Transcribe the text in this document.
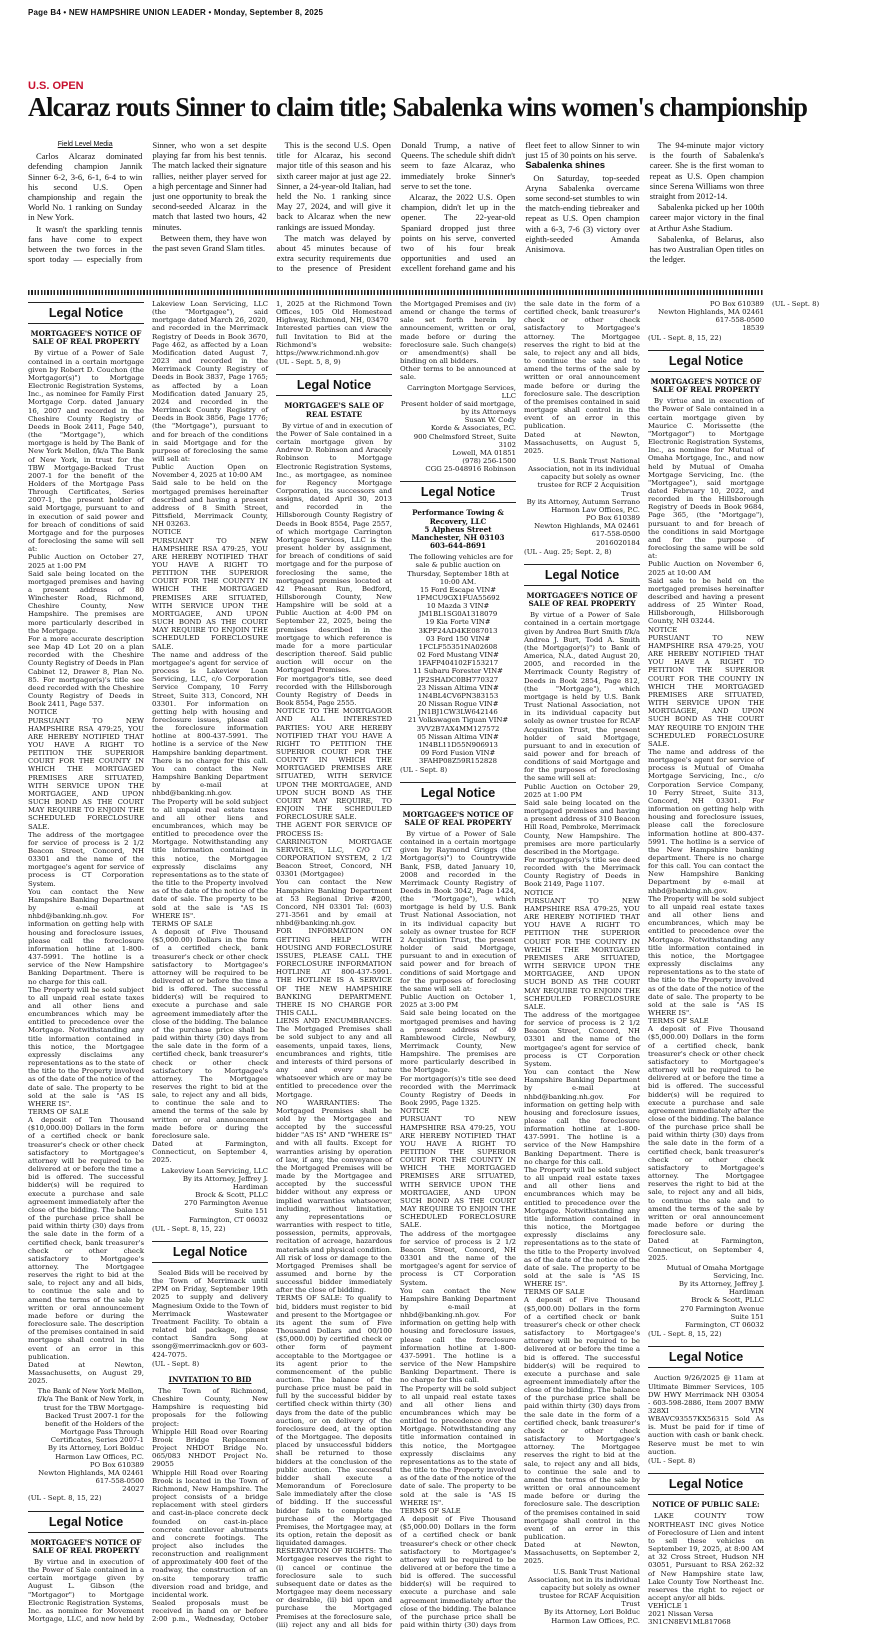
Page B4 • NEW HAMPSHIRE UNION LEADER • Monday, September 8, 2025
U.S. OPEN
Alcaraz routs Sinner to claim title; Sabalenka wins women's championship

Field Level Media

Carlos Alcaraz dominated defending champion Jannik Sinner 6-2, 3-6, 6-1, 6-4 to win his second U.S. Open championship and regain the World No. 1 ranking on Sunday in New York.

It wasn't the sparkling tennis fans have come to expect between the two forces in the sport today — especially from Sinner, who won a set despite playing far from his best tennis. The match lacked their signature rallies, neither player served for a high percentage and Sinner had just one opportunity to break the second-seeded Alcaraz in the match that lasted two hours, 42 minutes.

Between them, they have won the past seven Grand Slam titles.

This is the second U.S. Open title for Alcaraz, his second major title of this season and his sixth career major at just age 22. Sinner, a 24-year-old Italian, had held the No. 1 ranking since May 27, 2024, and will give it back to Alcaraz when the new rankings are issued Monday.

The match was delayed by about 45 minutes because of extra security requirements due to the presence of President Donald Trump, a native of Queens. The schedule shift didn't seem to faze Alcaraz, who immediately broke Sinner's serve to set the tone.

Alcaraz, the 2022 U.S. Open champion, didn't let up in the opener. The 22-year-old Spaniard dropped just three points on his serve, converted two of his four break opportunities and used an excellent forehand game and his fleet feet to allow Sinner to win just 15 of 30 points on his serve.

Sabalenka shines

On Saturday, top-seeded Aryna Sabalenka overcame some second-set stumbles to win the match-ending tiebreaker and repeat as U.S. Open champion with a 6-3, 7-6 (3) victory over eighth-seeded Amanda Anisimova.

The 94-minute major victory is the fourth of Sabalenka's career. She is the first woman to repeat as U.S. Open champion since Serena Williams won three straight from 2012-14.

Sabalenka picked up her 100th career major victory in the final at Arthur Ashe Stadium.

Sabalenka, of Belarus, also has two Australian Open titles on the ledger.

Legal Notice
MORTGAGEE'S NOTICE OF SALE OF REAL PROPERTY

By virtue of a Power of Sale contained in a certain mortgage given by Robert D. Couchon (the Mortgagor(s)") to Mortgage Electronic Registration Systems, Inc., as nominee for Family First Mortgage Corp. dated January 16, 2007 and recorded in the Cheshire County Registry of Deeds in Book 2411, Page 540, (the "Mortgage"), which mortgage is held by The Bank of New York Mellon, f/k/a The Bank of New York, in trust for the TBW Mortgage-Backed Trust 2007-1 for the benefit of the Holders of the Mortgage Pass Through Certificates, Series 2007-1, the present holder of said Mortgage, pursuant to and in execution of said power and for breach of conditions of said Mortgage and for the purposes of foreclosing the same will sell at:
Public Auction on October 27, 2025 at 1:00 PM
Said sale being located on the mortgaged premises and having a present address of 80 Winchester Road, Richmond, Cheshire County, New Hampshire. The premises are more particularly described in the Mortgage.
For a more accurate description see Map 4D Lot 20 on a plan recorded with the Cheshire County Registry of Deeds in Plan Cabinet 12, Drawer 8, Plan No. 85. For mortgagor(s)'s title see deed recorded with the Cheshire County Registry of Deeds in Book 2411, Page 537.
NOTICE
PURSUANT TO NEW HAMPSHIRE RSA 479:25, YOU ARE HEREBY NOTIFIED THAT YOU HAVE A RIGHT TO PETITION THE SUPERIOR COURT FOR THE COUNTY IN WHICH THE MORTGAGED PREMISES ARE SITUATED, WITH SERVICE UPON THE MORTGAGEE, AND UPON SUCH BOND AS THE COURT MAY REQUIRE TO ENJOIN THE SCHEDULED FORECLOSURE SALE.
The address of the mortgagee for service of process is 2 1/2 Beacon Street, Concord, NH 03301 and the name of the mortgagee's agent for service of process is CT Corporation System.
You can contact the New Hampshire Banking Department by e-mail at nhbd@banking.nh.gov. For information on getting help with housing and foreclosure issues, please call the foreclosure information hotline at 1-800-437-5991. The hotline is a service of the New Hampshire Banking Department. There is no charge for this call.
The Property will be sold subject to all unpaid real estate taxes and all other liens and encumbrances which may be entitled to precedence over the Mortgage. Notwithstanding any title information contained in this notice, the Mortgagee expressly disclaims any representations as to the state of the title to the Property involved as of the date of the notice of the date of sale. The property to be sold at the sale is "AS IS WHERE IS".
TERMS OF SALE
A deposit of Ten Thousand ($10,000.00) Dollars in the form of a certified check or bank treasurer's check or other check satisfactory to Mortgagee's attorney will be required to be delivered at or before the time a bid is offered. The successful bidder(s) will be required to execute a purchase and sale agreement immediately after the close of the bidding. The balance of the purchase price shall be paid within thirty (30) days from the sale date in the form of a certified check, bank treasurer's check or other check satisfactory to Mortgagee's attorney. The Mortgagee reserves the right to bid at the sale, to reject any and all bids, to continue the sale and to amend the terms of the sale by written or oral announcement made before or during the foreclosure sale. The description of the premises contained in said mortgage shall control in the event of an error in this publication.
Dated at Newton, Massachusetts, on August 29, 2025.

The Bank of New York Mellon, f/k/a The Bank of New York, in trust for the TBW Mortgage-Backed Trust 2007-1 for the benefit of the Holders of the Mortgage Pass Through Certificates, Series 2007-1
By its Attorney, Lori Bolduc
Harmon Law Offices, P.C.
PO Box 610389
Newton Highlands, MA 02461
617-558-0500
24027

(UL - Sept. 8, 15, 22)

Legal Notice
MORTGAGEE'S NOTICE OF SALE OF REAL PROPERTY

By virtue and in execution of the Power of Sale contained in a certain mortgage given by August L. Gibson (the "Mortgagor") to Mortgage Electronic Registration Systems, Inc. as nominee for Movement Mortgage, LLC, and now held by Lakeview Loan Servicing, LLC (the "Mortgagee"), said mortgage dated March 26, 2020, and recorded in the Merrimack Registry of Deeds in Book 3670, Page 462, as affected by a Loan Modification dated August 7, 2023 and recorded in the Merrimack County Registry of Deeds in Book 3837, Page 1765; as affected by a Loan Modification dated January 25, 2024 and recorded in the Merrimack County Registry of Deeds in Book 3856, Page 1776; (the "Mortgage"), pursuant to and for breach of the conditions in said Mortgage and for the purpose of foreclosing the same will sell at:
Public Auction Open on November 4, 2025 at 10:00 AM
Said sale to be held on the mortgaged premises hereinafter described and having a present address of 8 Smith Street, Pittsfield, Merrimack County, NH 03263.
NOTICE
PURSUANT TO NEW HAMPSHIRE RSA 479:25, YOU ARE HEREBY NOTIFIED THAT YOU HAVE A RIGHT TO PETITION THE SUPERIOR COURT FOR THE COUNTY IN WHICH THE MORTGAGED PREMISES ARE SITUATED, WITH SERVICE UPON THE MORTGAGEE, AND UPON SUCH BOND AS THE COURT MAY REQUIRE TO ENJOIN THE SCHEDULED FORECLOSURE SALE.
The name and address of the mortgagee's agent for service of process is Lakeview Loan Servicing, LLC, c/o Corporation Service Company, 10 Ferry Street, Suite 313, Concord, NH 03301. For information on getting help with housing and foreclosure issues, please call the foreclosure information hotline at 800-437-5991. The hotline is a service of the New Hampshire banking department. There is no charge for this call. You can contact the New Hampshire Banking Department by e-mail at nhbd@banking.nh.gov.
The Property will be sold subject to all unpaid real estate taxes and all other liens and encumbrances, which may be entitled to precedence over the Mortgage. Notwithstanding any title information contained in this notice, the Mortgagee expressly disclaims any representations as to the state of the title to the Property involved as of the date of the notice of the date of sale. The property to be sold at the sale is "AS IS WHERE IS".
TERMS OF SALE
A deposit of Five Thousand ($5,000.00) Dollars in the form of a certified check, bank treasurer's check or other check satisfactory to Mortgagee's attorney will be required to be delivered at or before the time a bid is offered. The successful bidder(s) will be required to execute a purchase and sale agreement immediately after the close of the bidding. The balance of the purchase price shall be paid within thirty (30) days from the sale date in the form of a certified check, bank treasurer's check or other check satisfactory to Mortgagee's attorney. The Mortgagee reserves the right to bid at the sale, to reject any and all bids, to continue the sale and to amend the terms of the sale by written or oral announcement made before or during the foreclosure sale.
Dated at Farmington, Connecticut, on September 4, 2025.

Lakeview Loan Servicing, LLC
By its Attorney, Jeffrey J. Hardiman
Brock & Scott, PLLC
270 Farmington Avenue
Suite 151
Farmington, CT 06032

(UL - Sept. 8, 15, 22)

Legal Notice

Sealed Bids will be received by the Town of Merrimack until 2PM on Friday, September 19th 2025 to supply and delivery Magnesium Oxide to the Town of Merrimack Wastewater Treatment Facility. To obtain a related bid package, please contact Sandra Song at ssong@merrimacknh.gov or 603-424-7075.

(UL - Sept. 8)

INVITATION TO BID

The Town of Richmond, Cheshire County, New Hampshire is requesting bid proposals for the following project:
Whipple Hill Road over Roaring Brook Bridge Replacement Project NHDOT Bridge No. 065/083 NHDOT Project No. 29055
Whipple Hill Road over Roaring Brook is located in the Town of Richmond, New Hampshire. The project consists of a bridge replacement with steel girders and cast-in-place concrete deck founded on cast-in-place concrete cantilever abutments and concrete footings. The project also includes the reconstruction and realignment of approximately 400 feet of the roadway, the construction of an on-site temporary traffic diversion road and bridge, and incidental work.
Sealed proposals must be received in hand on or before 2:00 p.m., Wednesday, October 1, 2025 at the Richmond Town Offices, 105 Old Homestead Highway, Richmond, NH, 03470
Interested parties can view the full Invitation to Bid at the Richmond's website: https://www.richmond.nh.gov

(UL - Sept. 5, 8, 9)

Legal Notice
MORTGAGEE'S SALE OF REAL ESTATE

By virtue of and in execution of the Power of Sale contained in a certain mortgage given by Andrew D. Robinson and Aracely Robinson to Mortgage Electronic Registration Systems, Inc., as mortgagee, as nominee for Regency Mortgage Corporation, its successors and assigns, dated April 30, 2013 and recorded in the Hillsborough County Registry of Deeds in Book 8554, Page 2557, of which mortgage Carrington Mortgage Services, LLC is the present holder by assignment, for breach of conditions of said mortgage and for the purpose of foreclosing the same, the mortgaged premises located at 42 Pheasant Run, Bedford, Hillsborough County, New Hampshire will be sold at a Public Auction at 4:00 PM on September 22, 2025, being the premises described in the mortgage to which reference is made for a more particular description thereof. Said public auction will occur on the Mortgaged Premises.
For mortgagor's title, see deed recorded with the Hillsborough County Registry of Deeds in Book 8554, Page 2555.
NOTICE TO THE MORTGAGOR AND ALL INTERESTED PARTIES: YOU ARE HEREBY NOTIFIED THAT YOU HAVE A RIGHT TO PETITION THE SUPERIOR COURT FOR THE COUNTY IN WHICH THE MORTGAGED PREMISES ARE SITUATED, WITH SERVICE UPON THE MORTGAGEE, AND UPON SUCH BOND AS THE COURT MAY REQUIRE, TO ENJOIN THE SCHEDULED FORECLOSURE SALE.
THE AGENT FOR SERVICE OF PROCESS IS:
CARRINGTON MORTGAGE SERVICES, LLC, C/O CT CORPORATION SYSTEM, 2 1/2 Beacon Street, Concord, NH 03301 (Mortgagee)
You can contact the New Hampshire Banking Department at 53 Regional Drive #200, Concord, NH 03301 Tel: (603) 271-3561 and by email at nhbd@banking.nh.gov.
FOR INFORMATION ON GETTING HELP WITH HOUSING AND FORECLOSURE ISSUES, PLEASE CALL THE FORECLOSURE INFORMATION HOTLINE AT 800-437-5991. THE HOTLINE IS A SERVICE OF THE NEW HAMPSHIRE BANKING DEPARTMENT. THERE IS NO CHARGE FOR THIS CALL.
LIENS AND ENCUMBRANCES: The Mortgaged Premises shall be sold subject to any and all easements, unpaid taxes, liens, encumbrances and rights, title and interests of third persons of any and every nature whatsoever which are or may be entitled to precedence over the Mortgage.
NO WARRANTIES: The Mortgaged Premises shall be sold by the Mortgagee and accepted by the successful bidder "AS IS" AND "WHERE IS" and with all faults. Except for warranties arising by operation of law, if any, the conveyance of the Mortgaged Premises will be made by the Mortgagee and accepted by the successful bidder without any express or implied warranties whatsoever, including, without limitation, any representations or warranties with respect to title, possession, permits, approvals, recitation of acreage, hazardous materials and physical condition. All risk of loss or damage to the Mortgaged Premises shall be assumed and borne by the successful bidder immediately after the close of bidding.
TERMS OF SALE: To qualify to bid, bidders must register to bid and present to the Mortgagee or its agent the sum of Five Thousand Dollars and 00/100 ($5,000.00) by certified check or other form of payment acceptable to the Mortgagee or its agent prior to the commencement of the public auction. The balance of the purchase price must be paid in full by the successful bidder by certified check within thirty (30) days from the date of the public auction, or on delivery of the foreclosure deed, at the option of the Mortgagee. The deposits placed by unsuccessful bidders shall be returned to those bidders at the conclusion of the public auction. The successful bidder shall execute a Memorandum of Foreclosure Sale immediately after the close of bidding. If the successful bidder fails to complete the purchase of the Mortgaged Premises, the Mortgagee may, at its option, retain the deposit as liquidated damages.
RESERVATION OF RIGHTS: The Mortgagee reserves the right to (i) cancel or continue the foreclosure sale to such subsequent date or dates as the Mortgagee may deem necessary or desirable, (ii) bid upon and purchase the Mortgaged Premises at the foreclosure sale, (iii) reject any and all bids for the Mortgaged Premises and (iv) amend or change the terms of sale set forth herein by announcement, written or oral, made before or during the foreclosure sale. Such change(s) or amendment(s) shall be binding on all bidders.
Other terms to be announced at sale.

Carrington Mortgage Services, LLC
Present holder of said mortgage, by its Attorneys
Susan W. Cody
Korde & Associates, P.C.
900 Chelmsford Street, Suite 3102
Lowell, MA 01851
(978) 256-1500
CGG 25-048916 Robinson

Legal Notice
Performance Towing & Recovery, LLC
5 Alpheus Street
Manchester, NH 03103
603-644-8691

The following vehicles are for sale & public auction on Thursday, September 18th at 10:00 AM.
15 Ford Escape VIN# 1FMCU9GX1FUA55692
10 Mazda 3 VIN# JM1BL1SG0A1318079
19 Kia Forte VIN# 3KPF24AD4KE087013
03 Ford 150 VIN# 1FCLF55351NA02608
02 Ford Mustang VIN# 1FAFP404102F153217
11 Subaru Forester VIN# JF2SHADC0BH770327
23 Nissan Altima VIN# 1N4BL4CV6PN383153
20 Nissan Rogue VIN# JN1BJ1CW3LW642146
21 Volkswagen Tiguan VIN# 3VV2B7AX4MM127572
05 Nissan Altima VIN# 1N4BL11D55N906913
09 Ford Fusion VIN# 3FAHP08Z59R152828

(UL - Sept. 8)

Legal Notice
MORTGAGEE'S NOTICE OF SALE OF REAL PROPERTY

By virtue of a Power of Sale contained in a certain mortgage given by Raymond Griggs (the Mortgagor(s)") to Countrywide Bank, FSB, dated January 10, 2008 and recorded in the Merrimack County Registry of Deeds in Book 3042, Page 1424, (the "Mortgage"), which mortgage is held by U.S. Bank Trust National Association, not in its individual capacity but solely as owner trustee for RCF 2 Acquisition Trust, the present holder of said Mortgage, pursuant to and in execution of said power and for breach of conditions of said Mortgage and for the purposes of foreclosing the same will sell at:
Public Auction on October 1, 2025 at 3:00 PM
Said sale being located on the mortgaged premises and having a present address of 49 Ramblewood Circle, Newbury, Merrimack County, New Hampshire. The premises are more particularly described in the Mortgage.
For mortgagor(s)'s title see deed recorded with the Merrimack County Registry of Deeds in Book 2995, Page 1325.
NOTICE
PURSUANT TO NEW HAMPSHIRE RSA 479:25, YOU ARE HEREBY NOTIFIED THAT YOU HAVE A RIGHT TO PETITION THE SUPERIOR COURT FOR THE COUNTY IN WHICH THE MORTGAGED PREMISES ARE SITUATED, WITH SERVICE UPON THE MORTGAGEE, AND UPON SUCH BOND AS THE COURT MAY REQUIRE TO ENJOIN THE SCHEDULED FORECLOSURE SALE.
The address of the mortgagee for service of process is 2 1/2 Beacon Street, Concord, NH 03301 and the name of the mortgagee's agent for service of process is CT Corporation System.
You can contact the New Hampshire Banking Department by e-mail at nhbd@banking.nh.gov. For information on getting help with housing and foreclosure issues, please call the foreclosure information hotline at 1-800-437-5991. The hotline is a service of the New Hampshire Banking Department. There is no charge for this call.
The Property will be sold subject to all unpaid real estate taxes and all other liens and encumbrances which may be entitled to precedence over the Mortgage. Notwithstanding any title information contained in this notice, the Mortgagee expressly disclaims any representations as to the state of the title to the Property involved as of the date of the notice of the date of sale. The property to be sold at the sale is "AS IS WHERE IS".
TERMS OF SALE
A deposit of Five Thousand ($5,000.00) Dollars in the form of a certified check or bank treasurer's check or other check satisfactory to Mortgagee's attorney will be required to be delivered at or before the time a bid is offered. The successful bidder(s) will be required to execute a purchase and sale agreement immediately after the close of the bidding. The balance of the purchase price shall be paid within thirty (30) days from the sale date in the form of a certified check, bank treasurer's check or other check satisfactory to Mortgagee's attorney. The Mortgagee reserves the right to bid at the sale, to reject any and all bids, to continue the sale and to amend the terms of the sale by written or oral announcement made before or during the foreclosure sale. The description of the premises contained in said mortgage shall control in the event of an error in this publication.
Dated at Newton, Massachusetts, on August 5, 2025.

U.S. Bank Trust National Association, not in its individual capacity but solely as owner trustee for RCF 2 Acquisition Trust
By its Attorney, Autumn Serrano
Harmon Law Offices, P.C.
PO Box 610389
Newton Highlands, MA 02461
617-558-0500
2016020184

(UL - Aug. 25; Sept. 2, 8)

Legal Notice
MORTGAGEE'S NOTICE OF SALE OF REAL PROPERTY

By virtue of a Power of Sale contained in a certain mortgage given by Andrea Burt Smith f/k/a Andrea J. Burt, Todd A. Smith (the Mortgagor(s)") to Bank of America, N.A., dated August 20, 2005, and recorded in the Merrimack County Registry of Deeds in Book 2854, Page 812, (the "Mortgage"), which mortgage is held by U.S. Bank Trust National Association, not in its individual capacity but solely as owner trustee for RCAF Acquisition Trust, the present holder of said Mortgage, pursuant to and in execution of said power and for breach of conditions of said Mortgage and for the purposes of foreclosing the same will sell at:
Public Auction on October 29, 2025 at 1:00 PM
Said sale being located on the mortgaged premises and having a present address of 310 Beacon Hill Road, Pembroke, Merrimack County, New Hampshire. The premises are more particularly described in the Mortgage.
For mortgagor(s)'s title see deed recorded with the Merrimack County Registry of Deeds in Book 2149, Page 1107.
NOTICE
PURSUANT TO NEW HAMPSHIRE RSA 479:25, YOU ARE HEREBY NOTIFIED THAT YOU HAVE A RIGHT TO PETITION THE SUPERIOR COURT FOR THE COUNTY IN WHICH THE MORTGAGED PREMISES ARE SITUATED, WITH SERVICE UPON THE MORTGAGEE, AND UPON SUCH BOND AS THE COURT MAY REQUIRE TO ENJOIN THE SCHEDULED FORECLOSURE SALE.
The address of the mortgagee for service of process is 2 1/2 Beacon Street, Concord, NH 03301 and the name of the mortgagee's agent for service of process is CT Corporation System.
You can contact the New Hampshire Banking Department by e-mail at nhbd@banking.nh.gov. For information on getting help with housing and foreclosure issues, please call the foreclosure information hotline at 1-800-437-5991. The hotline is a service of the New Hampshire Banking Department. There is no charge for this call.
The Property will be sold subject to all unpaid real estate taxes and all other liens and encumbrances which may be entitled to precedence over the Mortgage. Notwithstanding any title information contained in this notice, the Mortgagee expressly disclaims any representations as to the state of the title to the Property involved as of the date of the notice of the date of sale. The property to be sold at the sale is "AS IS WHERE IS".
TERMS OF SALE
A deposit of Five Thousand ($5,000.00) Dollars in the form of a certified check or bank treasurer's check or other check satisfactory to Mortgagee's attorney will be required to be delivered at or before the time a bid is offered. The successful bidder(s) will be required to execute a purchase and sale agreement immediately after the close of the bidding. The balance of the purchase price shall be paid within thirty (30) days from the sale date in the form of a certified check, bank treasurer's check or other check satisfactory to Mortgagee's attorney. The Mortgagee reserves the right to bid at the sale, to reject any and all bids, to continue the sale and to amend the terms of the sale by written or oral announcement made before or during the foreclosure sale. The description of the premises contained in said mortgage shall control in the event of an error in this publication.
Dated at Newton, Massachusetts, on September 2, 2025.

U.S. Bank Trust National Association, not in its individual capacity but solely as owner trustee for RCAF Acquisition Trust
By its Attorney, Lori Bolduc
Harmon Law Offices, P.C.
PO Box 610389
Newton Highlands, MA 02461
617-558-0500
18539

(UL - Sept. 8, 15, 22)

Legal Notice
MORTGAGEE'S NOTICE OF SALE OF REAL PROPERTY

By virtue and in execution of the Power of Sale contained in a certain mortgage given by Maurice C. Morissette (the "Mortgagor") to Mortgage Electronic Registration Systems, Inc., as nominee for Mutual of Omaha Mortgage, Inc., and now held by Mutual of Omaha Mortgage Servicing, Inc. (the "Mortgagee"), said mortgage dated February 10, 2022, and recorded in the Hillsborough Registry of Deeds in Book 9684, Page 365, (the "Mortgage"), pursuant to and for breach of the conditions in said Mortgage and for the purpose of foreclosing the same will be sold at:
Public Auction on November 6, 2025 at 10:00 AM
Said sale to be held on the mortgaged premises hereinafter described and having a present address of 25 Winter Road, Hillsborough, Hillsborough County, NH 03244.
NOTICE
PURSUANT TO NEW HAMPSHIRE RSA 479:25, YOU ARE HEREBY NOTIFIED THAT YOU HAVE A RIGHT TO PETITION THE SUPERIOR COURT FOR THE COUNTY IN WHICH THE MORTGAGED PREMISES ARE SITUATED, WITH SERVICE UPON THE MORTGAGEE, AND UPON SUCH BOND AS THE COURT MAY REQUIRE TO ENJOIN THE SCHEDULED FORECLOSURE SALE.
The name and address of the mortgagee's agent for service of process is Mutual of Omaha Mortgage Servicing, Inc., c/o Corporation Service Company, 10 Ferry Street, Suite 313, Concord, NH 03301. For information on getting help with housing and foreclosure issues, please call the foreclosure information hotline at 800-437-5991. The hotline is a service of the New Hampshire banking department. There is no charge for this call. You can contact the New Hampshire Banking Department by e-mail at nhbd@banking.nh.gov.
The Property will be sold subject to all unpaid real estate taxes and all other liens and encumbrances, which may be entitled to precedence over the Mortgage. Notwithstanding any title information contained in this notice, the Mortgagee expressly disclaims any representations as to the state of the title to the Property involved as of the date of the notice of the date of sale. The property to be sold at the sale is "AS IS WHERE IS".
TERMS OF SALE
A deposit of Five Thousand ($5,000.00) Dollars in the form of a certified check, bank treasurer's check or other check satisfactory to Mortgagee's attorney will be required to be delivered at or before the time a bid is offered. The successful bidder(s) will be required to execute a purchase and sale agreement immediately after the close of the bidding. The balance of the purchase price shall be paid within thirty (30) days from the sale date in the form of a certified check, bank treasurer's check or other check satisfactory to Mortgagee's attorney. The Mortgagee reserves the right to bid at the sale, to reject any and all bids, to continue the sale and to amend the terms of the sale by written or oral announcement made before or during the foreclosure sale.
Dated at Farmington, Connecticut, on September 4, 2025.

Mutual of Omaha Mortgage Servicing, Inc.
By its Attorney, Jeffrey J. Hardiman
Brock & Scott, PLLC
270 Farmington Avenue
Suite 151
Farmington, CT 06032

(UL - Sept. 8, 15, 22)

Legal Notice

Auction 9/26/2025 @ 11am at Ultimate Bimmer Services, 105 DW HWY Merrimack NH 03054 - 603-598-2886, Item 2007 BMW 328XI VIN WBAVC93557KX56315 Sold As is. Must be paid for if time of auction with cash or bank check. Reserve must be met to win auction.

(UL - Sept. 8)

Legal Notice
NOTICE OF PUBLIC SALE:

LAKE COUNTY TOW NORTHEAST INC gives Notice of Foreclosure of Lien and intent to sell these vehicles on September 19, 2025, at 8:00 AM at 32 Cross Street, Hudson NH 03051, Pursuant to RSA 262:32 of New Hampshire state law, Lake County Tow Northeast Inc. reserves the right to reject or accept any/or all bids.
VEHICLE 1
2021 Nissan Versa
3N1CN8EV1ML817068

(UL - Sept. 8)
